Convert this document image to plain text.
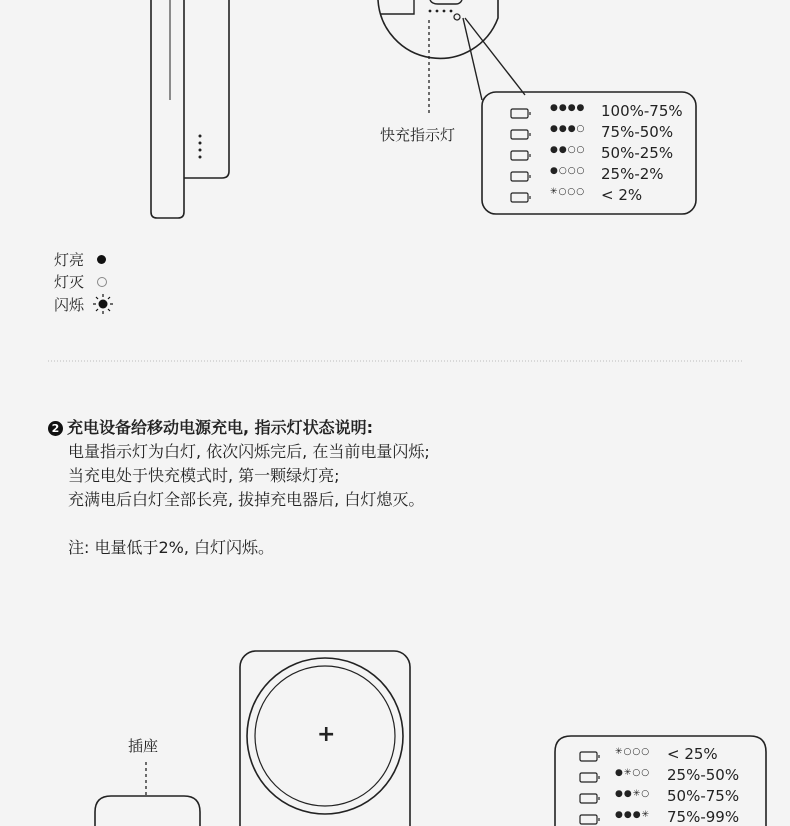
●●●● 100%-75%
●●●○ 75%-50%
●●○○ 50%-25%
●○○○ 25%-2%
✳○○○ < 2%
快充指示灯
灯亮
灯灭
闪烁
2 充电设备给移动电源充电, 指示灯状态说明:
电量指示灯为白灯, 依次闪烁完后, 在当前电量闪烁;
当充电处于快充模式时, 第一颗绿灯亮;
充满电后白灯全部长亮, 拔掉充电器后, 白灯熄灭。
注: 电量低于2%, 白灯闪烁。
插座	+
✳○○○ < 25%
●✳○○ 25%-50%
●●✳○ 50%-75%
●●●✳ 75%-99%
